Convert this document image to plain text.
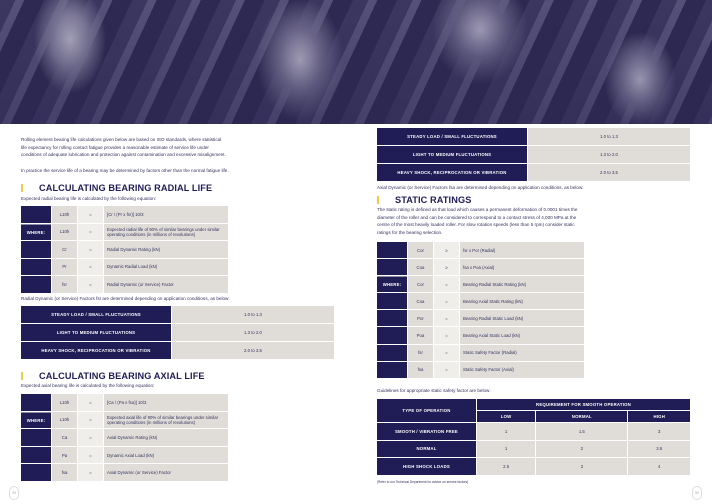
Rolling element bearing life calculations given below are based on ISO standards, where statistical life expectancy for rolling contact fatigue provides a reasonable estimate of service life under conditions of adequate lubrication and protection against contamination and excessive misalignment.
In practice the service life of a bearing may be determined by factors other than the normal fatigue life.
CALCULATING BEARING RADIAL LIFE
Expected radial bearing life is calculated by the following equation:
	L10h	=	[Cr / (Pr x fsr)] 10/3
WHERE:	L10h	=	Expected radial life of 90% of similar bearings under similar operating conditions (in millions of revolutions)
	Cr	=	Radial Dynamic Rating (kN)
	Pr	=	Dynamic Radial Load (kN)
	fsr	=	Radial Dynamic (or Service) Factor
Radial Dynamic (or Service) Factors fsr are determined depending on application conditions, as below:
STEADY LOAD / SMALL FLUCTUATIONS	1.0 to 1.3
LIGHT TO MEDIUM FLUCTUATIONS	1.3 to 2.0
HEAVY SHOCK, RECIPROCATION OR VIBRATION	2.0 to 3.5
CALCULATING BEARING AXIAL LIFE
Expected axial bearing life is calculated by the following equation:
	L10h	=	[Ca / (Pa x fsa)] 10/3
WHERE:	L10h	=	Expected axial life of 90% of similar bearings under similar operating conditions (in millions of revolutions)
	Ca	=	Axial Dynamic Rating (kN)
	Pa	=	Dynamic Axial Load (kN)
	fsa	=	Axial Dynamic (or Service) Factor
49
STEADY LOAD / SMALL FLUCTUATIONS	1.0 to 1.3
LIGHT TO MEDIUM FLUCTUATIONS	1.3 to 2.0
HEAVY SHOCK, RECIPROCATION OR VIBRATION	2.0 to 3.5
Axial Dynamic (or Service) Factors fsa are determined depending on application conditions, as below:
STATIC RATINGS
The static rating is defined as that load which causes a permanent deformation of 0.0001 times the diameter of the roller and can be considered to correspond to a contact stress of 4,000 MPa at the centre of the most heavily loaded roller. For slow rotation speeds (less than 5 rpm) consider static ratings for the bearing selection.
	Cor	≥	fsr x Por (Radial)
	Coa	≥	fsa x Poa (Axial)
WHERE:	Cor	=	Bearing Radial Static Rating (kN)
	Coa	=	Bearing Axial Static Rating (kN)
	Por	=	Bearing Radial Static Load (kN)
	Poa	=	Bearing Axial Static Load (kN)
	fsr	=	Static Safety Factor (Radial)
	fsa	=	Static Safety Factor (Axial)
Guidelines for appropriate static safety factor are below:
TYPE OF OPERATION	REQUIREMENT FOR SMOOTH OPERATION		
	LOW	NORMAL	HIGH
SMOOTH / VIBRATION FREE	1	1.5	3
NORMAL	1	2	3.5
HIGH SHOCK LOADS	2.5	3	4
(Refer to our Technical Department for advice on service factors)
50
